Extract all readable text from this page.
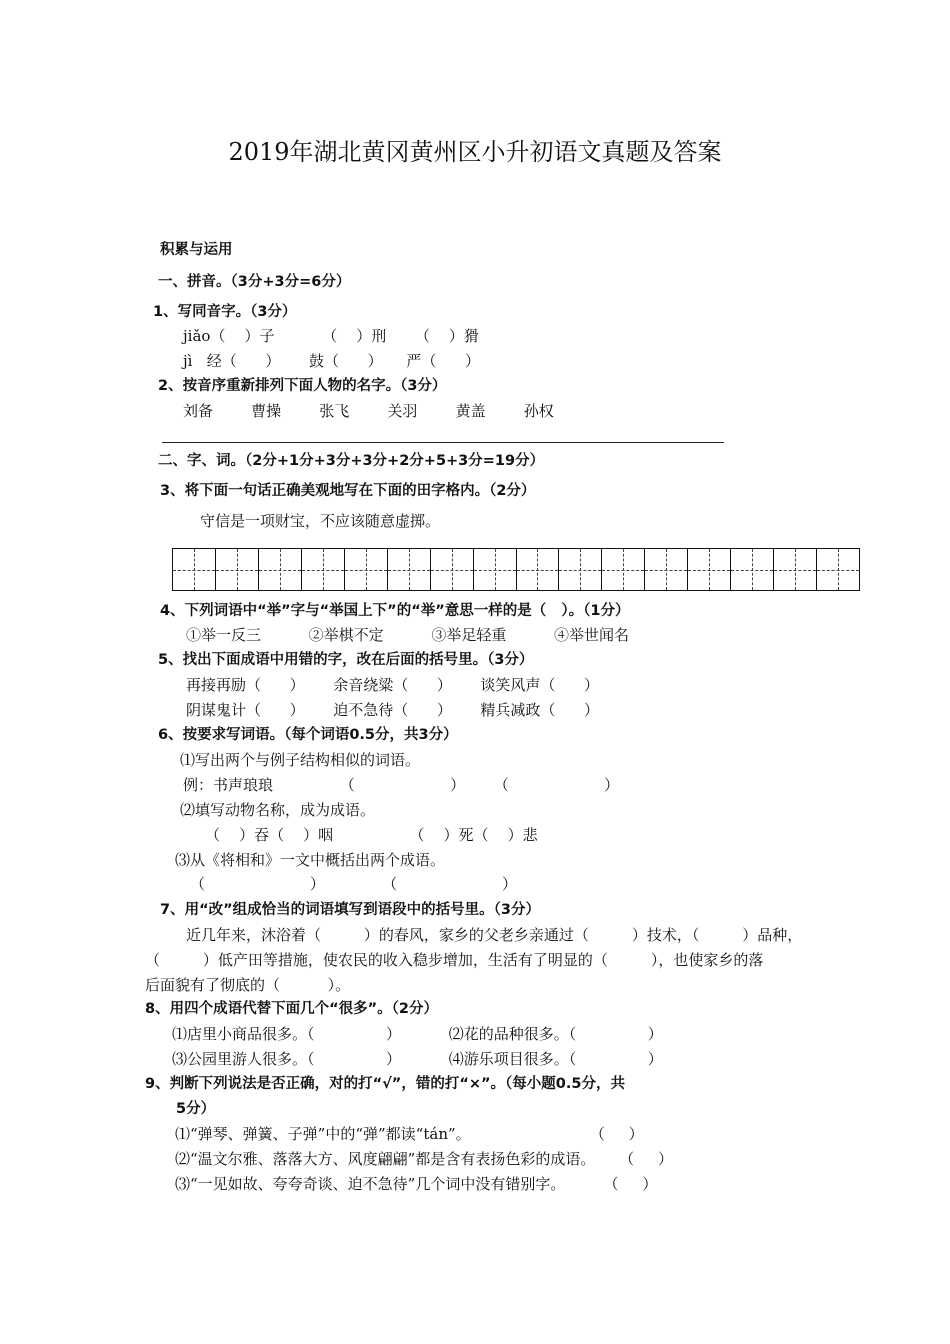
2019年湖北黄冈黄州区小升初语文真题及答案
积累与运用
一、拼音。（3分+3分=6分）
1、写同音字。（3分）
jiǎo（    ）子          （    ）刑      （    ）猾
jì   经（      ）      鼓（      ）     严（      ）
2、按音序重新排列下面人物的名字。（3分）
刘备        曹操        张飞        关羽        黄盖        孙权
二、字、词。（2分+1分+3分+3分+2分+5+3分=19分）
3、将下面一句话正确美观地写在下面的田字格内。（2分）
守信是一项财宝，不应该随意虚掷。
4、下列词语中“举”字与“举国上下”的“举”意思一样的是（   ）。（1分）
①举一反三          ②举棋不定          ③举足轻重          ④举世闻名
5、找出下面成语中用错的字，改在后面的括号里。（3分）
再接再励（      ）      余音绕粱（      ）      谈笑风声（      ）
阴谋鬼计（      ）      迫不急待（      ）      精兵减政（      ）
6、按要求写词语。（每个词语0.5分，共3分）
⑴写出两个与例子结构相似的词语。
例：书声琅琅              （                    ）      （                    ）
⑵填写动物名称，成为成语。
（    ）吞（    ）咽                （    ）死（    ）悲
⑶从《将相和》一文中概括出两个成语。
（                      ）            （                      ）
7、用“改”组成恰当的词语填写到语段中的括号里。（3分）
近几年来，沐浴着（         ）的春风，家乡的父老乡亲通过（         ）技术，（         ）品种，
（         ）低产田等措施，使农民的收入稳步增加，生活有了明显的（         ），也使家乡的落
后面貌有了彻底的（          ）。
8、用四个成语代替下面几个“很多”。（2分）
⑴店里小商品很多。（               ）          ⑵花的品种很多。（               ）
⑶公园里游人很多。（               ）          ⑷游乐项目很多。（               ）
9、判断下列说法是否正确，对的打“√”，错的打“×”。（每小题0.5分，共
5分）
⑴“弹琴、弹簧、子弹”中的“弹”都读“tán”。                         （     ）
⑵“温文尔雅、落落大方、风度翩翩”都是含有表扬色彩的成语。     （     ）
⑶“一见如故、夸夸奇谈、迫不急待”几个词中没有错别字。        （     ）
